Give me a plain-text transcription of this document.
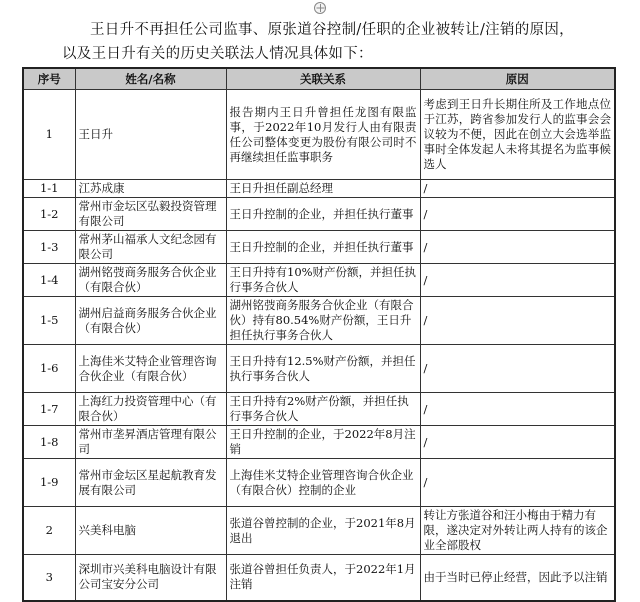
王日升不再担任公司监事、原张道谷控制/任职的企业被转让/注销的原因，

以及王日升有关的历史关联法人情况具体如下：

序号	姓名/名称	关联关系	原因
1	王日升	报告期内王日升曾担任龙图有限监事，于2022年10月发行人由有限责任公司整体变更为股份有限公司时不再继续担任监事职务	考虑到王日升长期住所及工作地点位于江苏，跨省参加发行人的监事会会议较为不便，因此在创立大会选举监事时全体发起人未将其提名为监事候选人
1-1	江苏成康	王日升担任副总经理	/
1-2	常州市金坛区弘毅投资管理有限公司	王日升控制的企业，并担任执行董事	/
1-3	常州茅山福承人文纪念园有限公司	王日升控制的企业，并担任执行董事	/
1-4	湖州铭弢商务服务合伙企业（有限合伙）	王日升持有10%财产份额，并担任执行事务合伙人	/
1-5	湖州启益商务服务合伙企业（有限合伙）	湖州铭弢商务服务合伙企业（有限合伙）持有80.54%财产份额，王日升担任执行事务合伙人	/
1-6	上海佳米艾特企业管理咨询合伙企业（有限合伙）	王日升持有12.5%财产份额，并担任执行事务合伙人	/
1-7	上海红力投资管理中心（有限合伙）	王日升持有2%财产份额，并担任执行事务合伙人	/
1-8	常州市垄昇酒店管理有限公司	王日升控制的企业，于2022年8月注销	/
1-9	常州市金坛区星起航教育发展有限公司	上海佳米艾特企业管理咨询合伙企业（有限合伙）控制的企业	/
2	兴美科电脑	张道谷曾控制的企业，于2021年8月退出	转让方张道谷和汪小梅由于精力有限，遂决定对外转让两人持有的该企业全部股权
3	深圳市兴美科电脑设计有限公司宝安分公司	张道谷曾担任负责人，于2022年1月注销	由于当时已停止经营，因此予以注销
